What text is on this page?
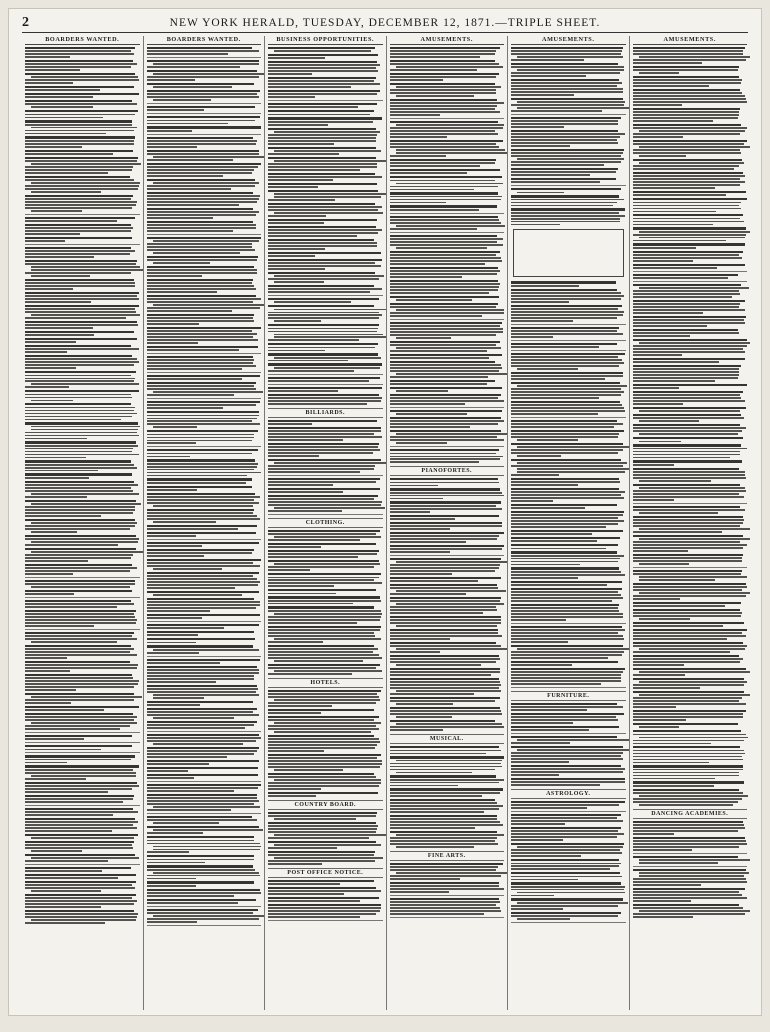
2	NEW YORK HERALD, TUESDAY, DECEMBER 12, 1871.—TRIPLE SHEET.
BOARDERS WANTED.	BOARDERS WANTED.	BUSINESS OPPORTUNITIES.
BILLIARDS.
CLOTHING.
HOTELS.
COUNTRY BOARD.
POST OFFICE NOTICE.
AMUSEMENTS.
PIANOFORTES.
MUSICAL.
FINE ARTS.
AMUSEMENTS.
FURNITURE.
ASTROLOGY.
AMUSEMENTS.
DANCING ACADEMIES.
